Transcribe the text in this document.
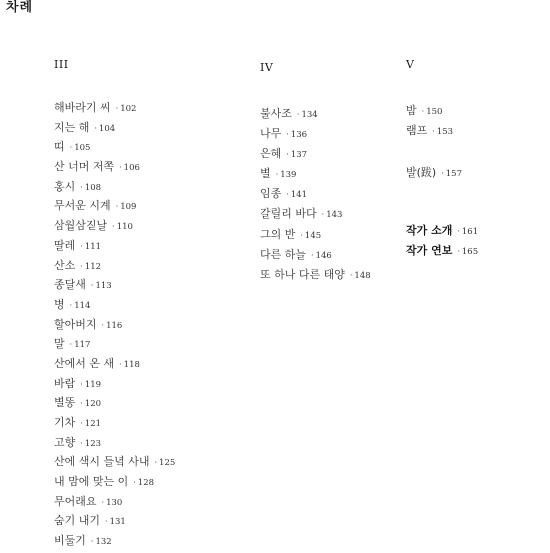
차례
III
해바라기 씨 · 102
지는 해 · 104
띠 · 105
산 너머 저쪽 · 106
홍시 · 108
무서운 시계 · 109
삼월삼짇날 · 110
딸레 · 111
산소 · 112
종달새 · 113
병 · 114
할아버지 · 116
말 · 117
산에서 온 새 · 118
바람 · 119
별똥 · 120
기차 · 121
고향 · 123
산에 색시 들녘 사내 · 125
내 맘에 맞는 이 · 128
무어래요 · 130
숨기 내기 · 131
비둘기 · 132
IV
불사조 · 134
나무 · 136
은혜 · 137
별 · 139
임종 · 141
갈릴리 바다 · 143
그의 반 · 145
다른 하늘 · 146
또 하나 다른 태양 · 148
V
밤 · 150
램프 · 153
발(跋) · 157
작가 소개 · 161
작가 연보 · 165
